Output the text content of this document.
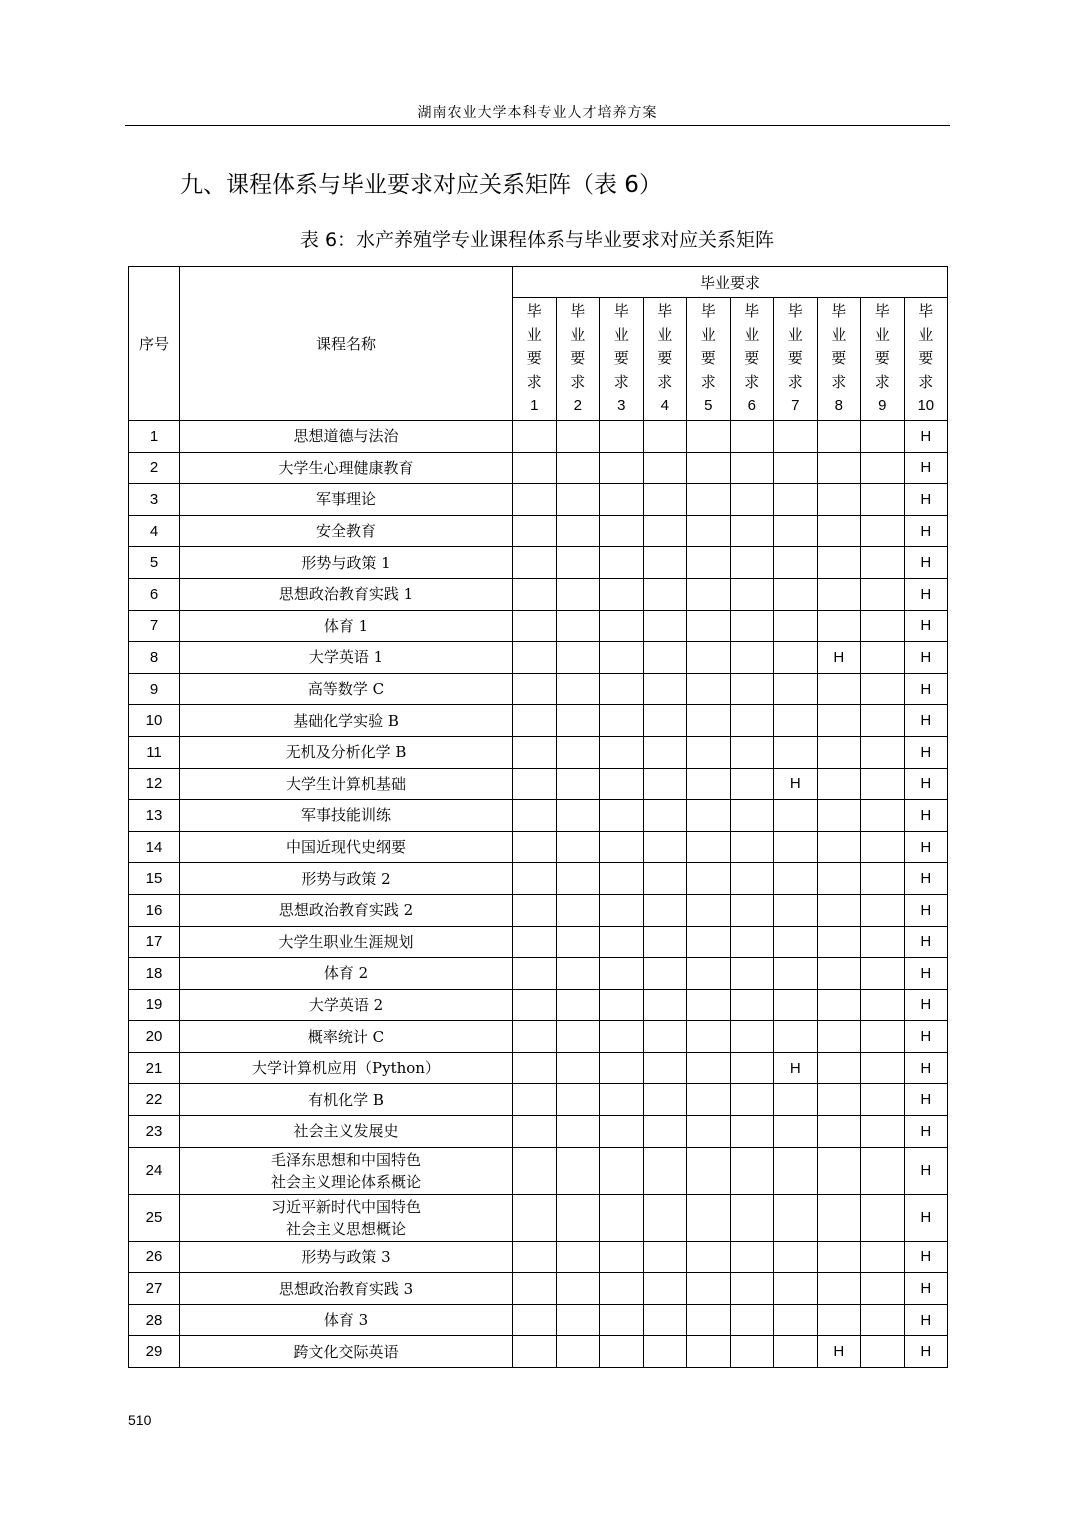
湖南农业大学本科专业人才培养方案
九、课程体系与毕业要求对应关系矩阵（表 6）
表 6：水产养殖学专业课程体系与毕业要求对应关系矩阵
序号	课程名称	毕业要求									

		毕
业
要
求
1	毕
业
要
求
2	毕
业
要
求
3	毕
业
要
求
4	毕
业
要
求
5	毕
业
要
求
6	毕
业
要
求
7	毕
业
要
求
8	毕
业
要
求
9	毕
业
要
求
10

1	思想道德与法治										H
2	大学生心理健康教育										H
3	军事理论										H
4	安全教育										H
5	形势与政策 1										H
6	思想政治教育实践 1										H
7	体育 1										H
8	大学英语 1								H		H
9	高等数学 C										H
10	基础化学实验 B										H
11	无机及分析化学 B										H
12	大学生计算机基础							H			H
13	军事技能训练										H
14	中国近现代史纲要										H
15	形势与政策 2										H
16	思想政治教育实践 2										H
17	大学生职业生涯规划										H
18	体育 2										H
19	大学英语 2										H
20	概率统计 C										H
21	大学计算机应用（Python）							H			H
22	有机化学 B										H
23	社会主义发展史										H
24	毛泽东思想和中国特色
社会主义理论体系概论										H
25	习近平新时代中国特色
社会主义思想概论										H
26	形势与政策 3										H
27	思想政治教育实践 3										H
28	体育 3										H
29	跨文化交际英语								H		H
510
